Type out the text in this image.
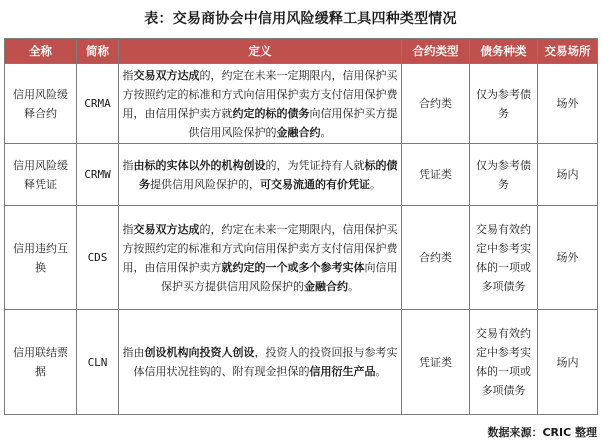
表：交易商协会中信用风险缓释工具四种类型情况
全称	简称	定义	合约类型	债务种类	交易场所
信用风险缓释合约	CRMA	指交易双方达成的，约定在未来一定期限内，信用保护买方按照约定的标准和方式向信用保护卖方支付信用保护费用，由信用保护卖方就约定的标的债务向信用保护买方提供信用风险保护的金融合约。	合约类	仅为参考债务	场外
信用风险缓释凭证	CRMW	指由标的实体以外的机构创设的，为凭证持有人就标的债务提供信用风险保护的，可交易流通的有价凭证。	凭证类	仅为参考债务	场内
信用违约互换	CDS	指交易双方达成的，约定在未来一定期限内，信用保护买方按照约定的标准和方式向信用保护卖方支付信用保护费用，由信用保护卖方就约定的一个或多个参考实体向信用保护买方提供信用风险保护的金融合约。	合约类	交易有效约定中参考实体的一项或多项债务	场外
信用联结票据	CLN	指由创设机构向投资人创设，投资人的投资回报与参考实体信用状况挂钩的、附有现金担保的信用衍生产品。	凭证类	交易有效约定中参考实体的一项或多项债务	场内
数据来源：CRIC 整理
